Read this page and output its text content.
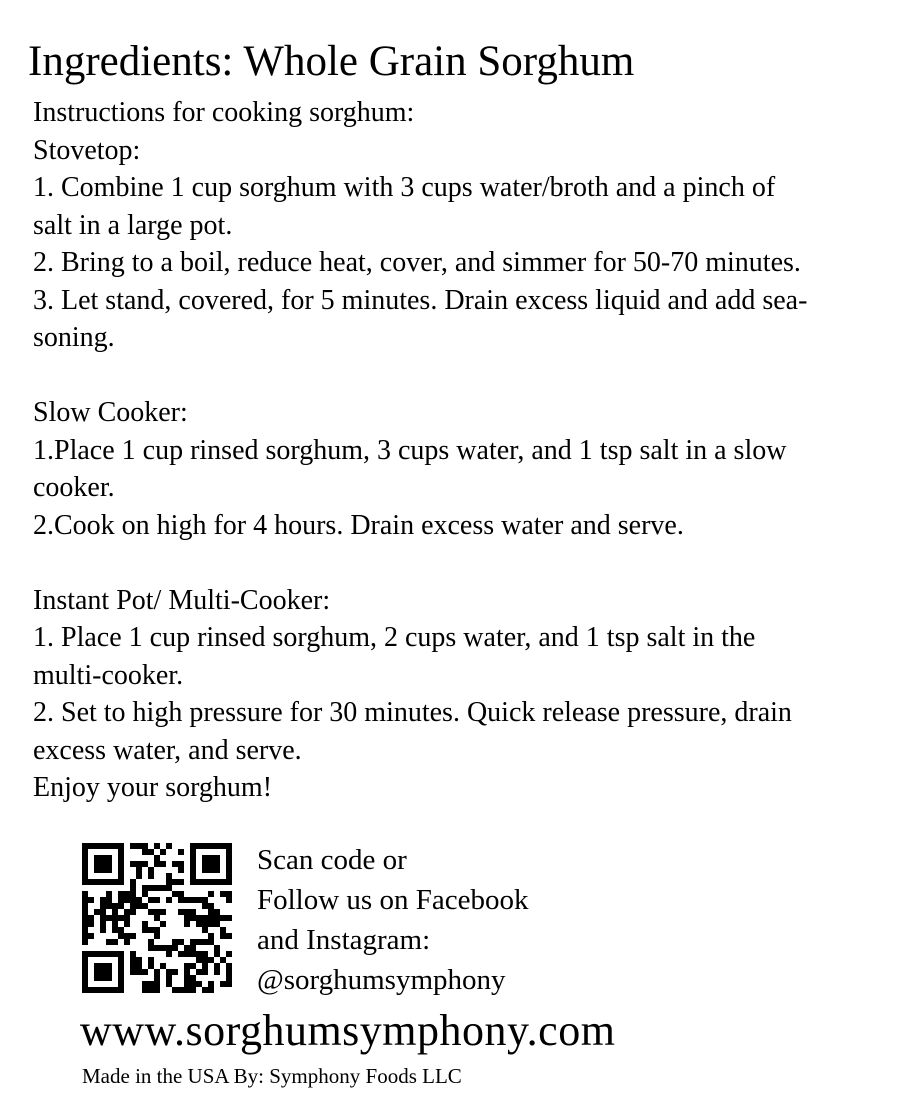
Ingredients: Whole Grain Sorghum
Instructions for cooking sorghum:
Stovetop:
1. Combine 1 cup sorghum with 3 cups water/broth and a pinch of
salt in a large pot.
2. Bring to a boil, reduce heat, cover, and simmer for 50-70 minutes.
3. Let stand, covered, for 5 minutes. Drain excess liquid and add sea-
soning.
Slow Cooker:
1.Place 1 cup rinsed sorghum, 3 cups water, and 1 tsp salt in a slow
cooker.
2.Cook on high for 4 hours. Drain excess water and serve.
Instant Pot/ Multi-Cooker:
1. Place 1 cup rinsed sorghum, 2 cups water, and 1 tsp salt in the
multi-cooker.
2. Set to high pressure for 30 minutes. Quick release pressure, drain
excess water, and serve.
Enjoy your sorghum!
Scan code or
Follow us on Facebook
and Instagram:
@sorghumsymphony
www.sorghumsymphony.com
Made in the USA By: Symphony Foods LLC
